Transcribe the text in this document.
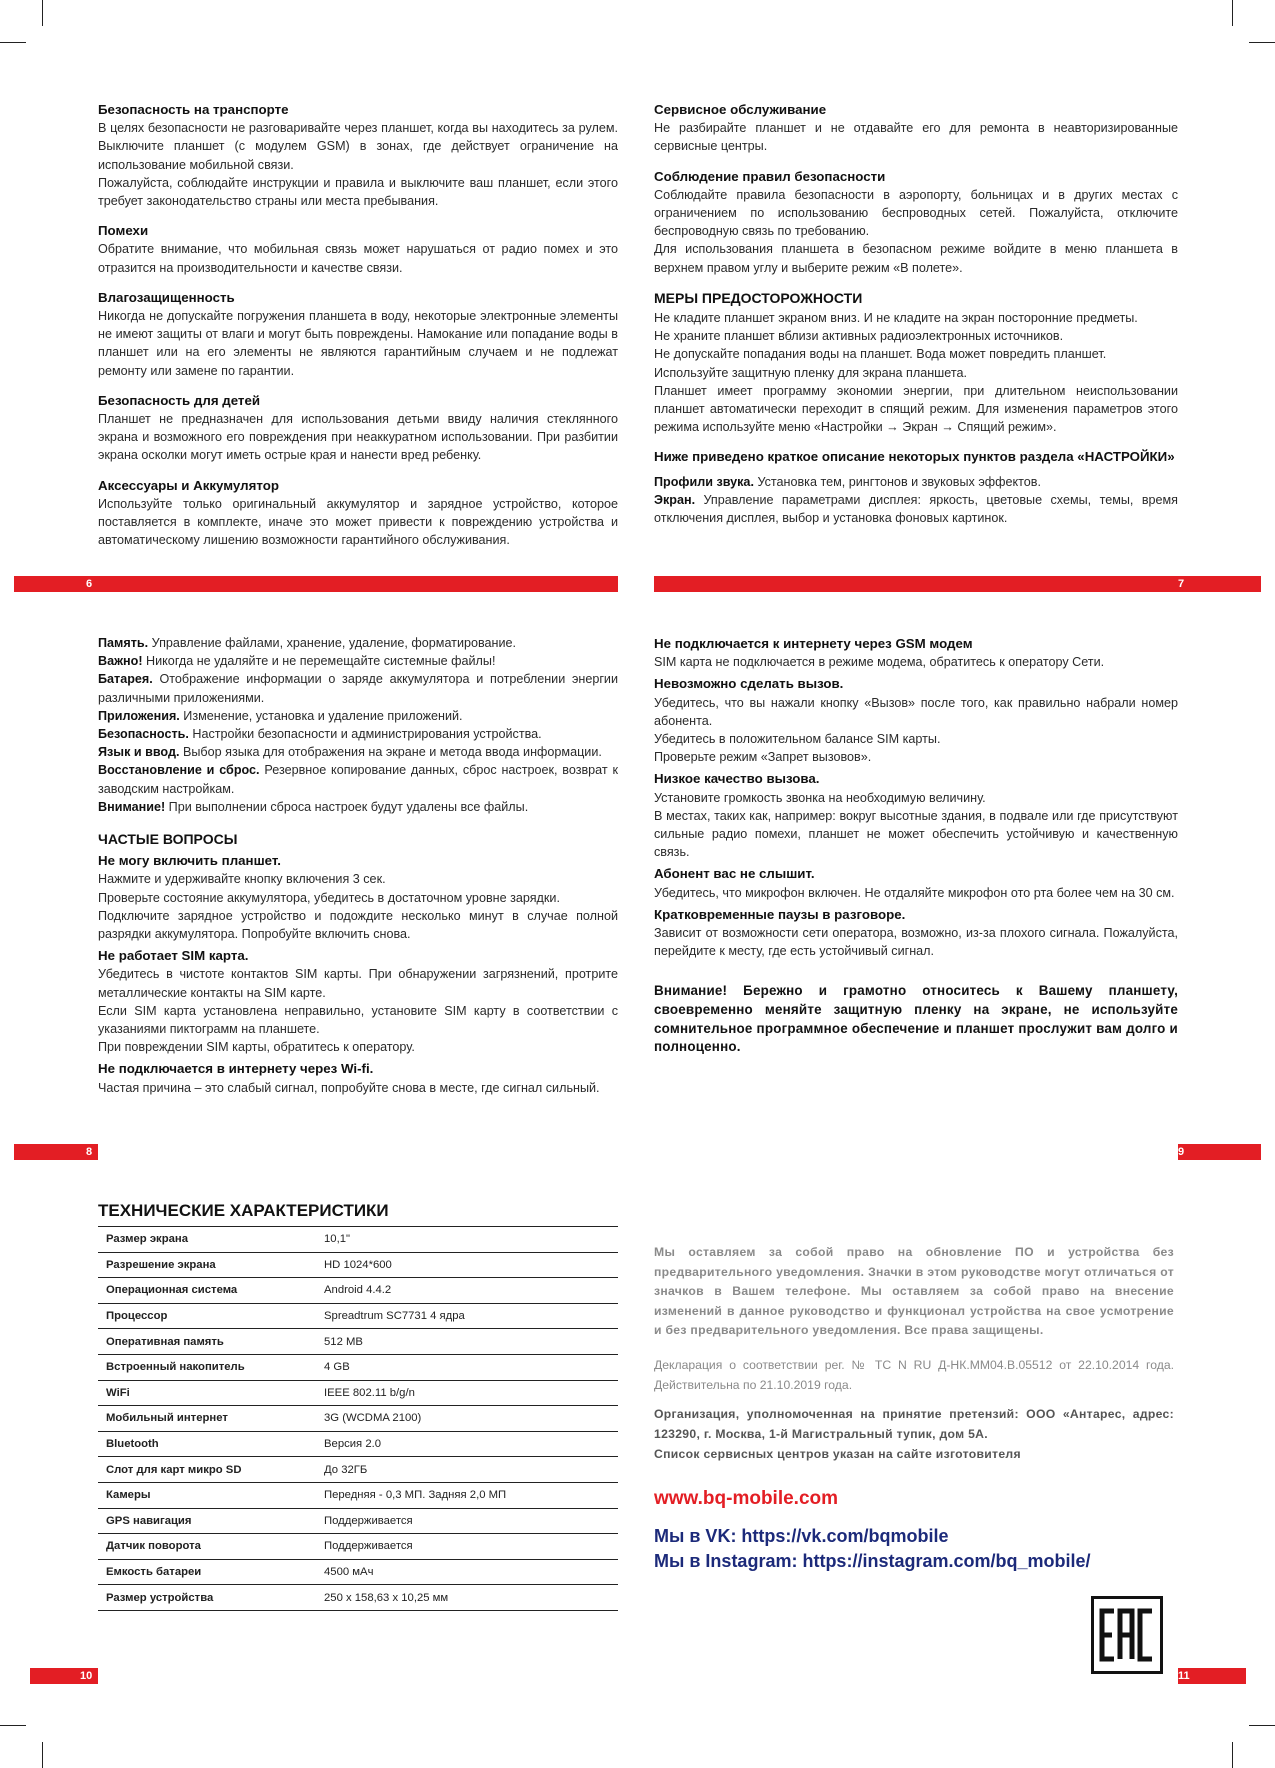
Безопасность на транспорте

В целях безопасности не разговаривайте через планшет, когда вы находитесь за рулем. Выключите планшет (с модулем GSM) в зонах, где действует ограничение на использование мобильной связи.

Пожалуйста, соблюдайте инструкции и правила и выключите ваш планшет, если этого требует законодательство страны или места пребывания.

Помехи

Обратите внимание, что мобильная связь может нарушаться от радио помех и это отразится на производительности и качестве связи.

Влагозащищенность

Никогда не допускайте погружения планшета в воду, некоторые электронные элементы не имеют защиты от влаги и могут быть повреждены. Намокание или попадание воды в планшет или на его элементы не являются гарантийным случаем и не подлежат ремонту или замене по гарантии.

Безопасность для детей

Планшет не предназначен для использования детьми ввиду наличия стеклянного экрана и возможного его повреждения при неаккуратном использовании. При разбитии экрана осколки могут иметь острые края и нанести вред ребенку.

Аксессуары и Аккумулятор

Используйте только оригинальный аккумулятор и зарядное устройство, которое поставляется в комплекте, иначе это может привести к повреждению устройства и автоматическому лишению возможности гарантийного обслуживания.

6

Сервисное обслуживание

Не разбирайте планшет и не отдавайте его для ремонта в неавторизированные сервисные центры.

Соблюдение правил безопасности

Соблюдайте правила безопасности в аэропорту, больницах и в других местах с ограничением по использованию беспроводных сетей. Пожалуйста, отключите беспроводную связь по требованию.

Для использования планшета в безопасном режиме войдите в меню планшета в верхнем правом углу и выберите режим «В полете».

МЕРЫ ПРЕДОСТОРОЖНОСТИ

Не кладите планшет экраном вниз. И не кладите на экран посторонние предметы.

Не храните планшет вблизи активных радиоэлектронных источников.

Не допускайте попадания воды на планшет. Вода может повредить планшет.

Используйте защитную пленку для экрана планшета.

Планшет имеет программу экономии энергии, при длительном неиспользовании планшет автоматически переходит в спящий режим. Для изменения параметров этого режима используйте меню «Настройки → Экран → Спящий режим».

Ниже приведено краткое описание некоторых пунктов раздела «НАСТРОЙКИ»

Профили звука. Установка тем, рингтонов и звуковых эффектов.

Экран. Управление параметрами дисплея: яркость, цветовые схемы, темы, время отключения дисплея, выбор и установка фоновых картинок.

7

Память. Управление файлами, хранение, удаление, форматирование.

Важно! Никогда не удаляйте и не перемещайте системные файлы!

Батарея. Отображение информации о заряде аккумулятора и потреблении энергии различными приложениями.

Приложения. Изменение, установка и удаление приложений.

Безопасность. Настройки безопасности и администрирования устройства.

Язык и ввод. Выбор языка для отображения на экране и метода ввода информации.

Восстановление и сброс. Резервное копирование данных, сброс настроек, возврат к заводским настройкам.

Внимание! При выполнении сброса настроек будут удалены все файлы.

ЧАСТЫЕ ВОПРОСЫ

Не могу включить планшет.

Нажмите и удерживайте кнопку включения 3 сек.

Проверьте состояние аккумулятора, убедитесь в достаточном уровне зарядки.

Подключите зарядное устройство и подождите несколько минут в случае полной разрядки аккумулятора. Попробуйте включить снова.

Не работает SIM карта.

Убедитесь в чистоте контактов SIM карты. При обнаружении загрязнений, протрите металлические контакты на SIM карте.

Если SIM карта установлена неправильно, установите SIM карту в соответствии с указаниями пиктограмм на планшете.

При повреждении SIM карты, обратитесь к оператору.

Не подключается в интернету через Wi-fi.

Частая причина – это слабый сигнал, попробуйте снова в месте, где сигнал сильный.

8

Не подключается к интернету через GSM модем

SIM карта не подключается в режиме модема, обратитесь к оператору Сети.

Невозможно сделать вызов.

Убедитесь, что вы нажали кнопку «Вызов» после того, как правильно набрали номер абонента.

Убедитесь в положительном балансе SIM карты.

Проверьте режим «Запрет вызовов».

Низкое качество вызова.

Установите громкость звонка на необходимую величину.

В местах, таких как, например: вокруг высотные здания, в подвале или где присутствуют сильные радио помехи, планшет не может обеспечить устойчивую и качественную связь.

Абонент вас не слышит.

Убедитесь, что микрофон включен. Не отдаляйте микрофон ото рта более чем на 30 см.

Кратковременные паузы в разговоре.

Зависит от возможности сети оператора, возможно, из-за плохого сигнала. Пожалуйста, перейдите к месту, где есть устойчивый сигнал.

Внимание! Бережно и грамотно относитесь к Вашему планшету, своевременно меняйте защитную пленку на экране, не используйте сомнительное программное обеспечение и планшет прослужит вам долго и полноценно.

9
ТЕХНИЧЕСКИЕ ХАРАКТЕРИСТИКИ
Размер экрана	10,1"
Разрешение экрана	HD 1024*600
Операционная система	Android 4.4.2
Процессор	Spreadtrum SC7731 4 ядра
Оперативная память	512 MB
Встроенный накопитель	4 GB
WiFi	IEEE 802.11 b/g/n
Мобильный интернет	3G (WCDMA 2100)
Bluetooth	Версия 2.0
Слот для карт микро SD	До 32ГБ
Камеры	Передняя - 0,3 МП. Задняя 2,0 МП
GPS навигация	Поддерживается
Датчик поворота	Поддерживается
Емкость батареи	4500 мАч
Размер устройства	250 x 158,63 x 10,25 мм
10
Мы оставляем за собой право на обновление ПО и устройства без предварительного уведомления. Значки в этом руководстве могут отличаться от значков в Вашем телефоне. Мы оставляем за собой право на внесение изменений в данное руководство и функционал устройства на свое усмотрение и без предварительного уведомления. Все права защищены.
Декларация о соответствии рег. № ТС N RU Д-НК.ММ04.В.05512 от 22.10.2014 года. Действительна по 21.10.2019 года.
Организация, уполномоченная на принятие претензий: ООО «Антарес, адрес: 123290, г. Москва, 1-й Магистральный тупик, дом 5А.
Список сервисных центров указан на сайте изготовителя
www.bq-mobile.com
Мы в VK: https://vk.com/bqmobile
Мы в Instagram: https://instagram.com/bq_mobile/
11
